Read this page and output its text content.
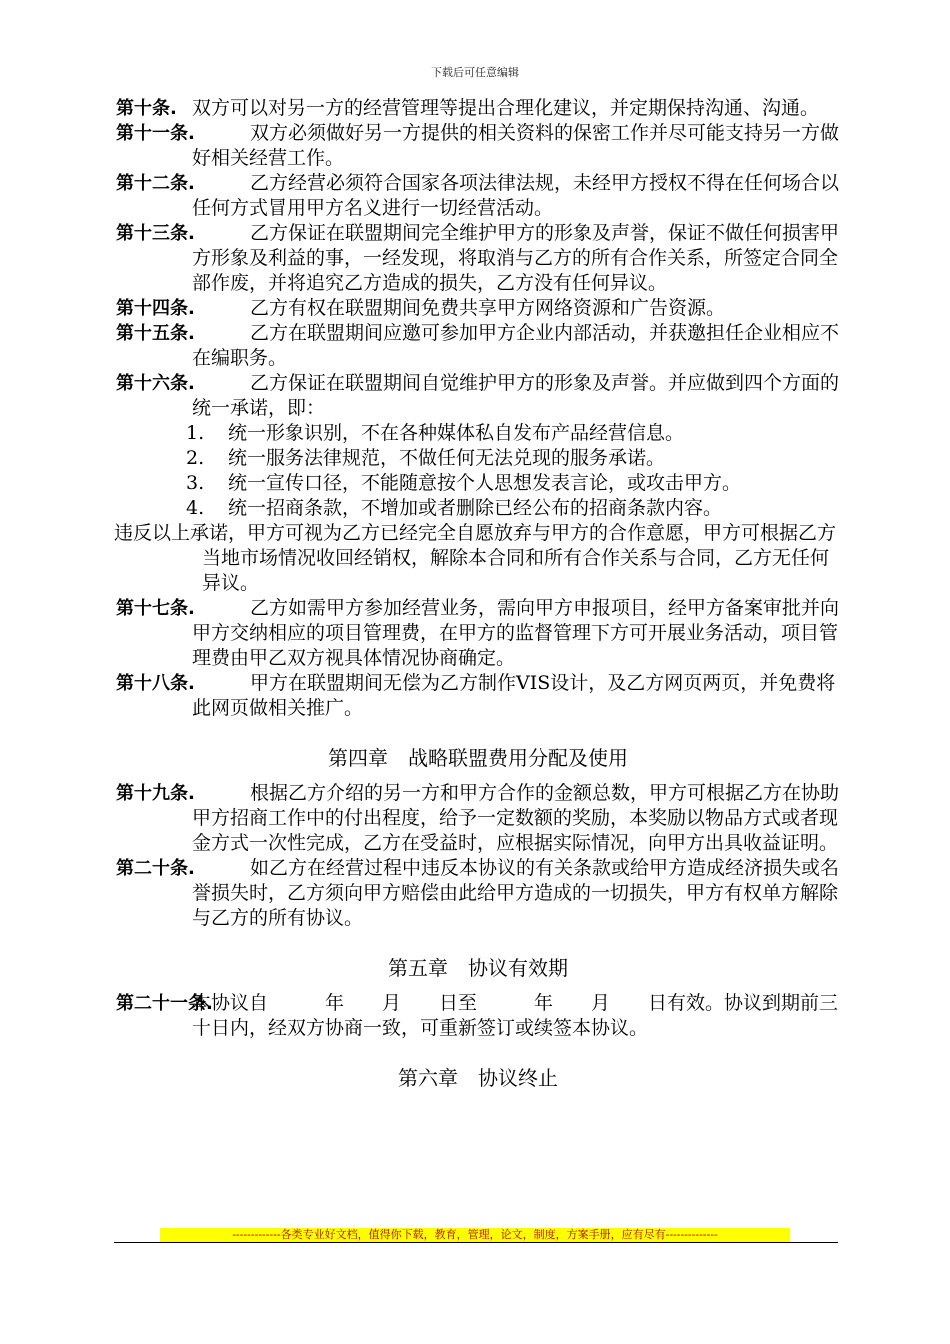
下载后可任意编辑
第十条. 双方可以对另一方的经营管理等提出合理化建议，并定期保持沟通、沟通。
第十一条.	双方必须做好另一方提供的相关资料的保密工作并尽可能支持另一方做好相关经营工作。
第十二条.	乙方经营必须符合国家各项法律法规，未经甲方授权不得在任何场合以任何方式冒用甲方名义进行一切经营活动。
第十三条.	乙方保证在联盟期间完全维护甲方的形象及声誉，保证不做任何损害甲方形象及利益的事，一经发现，将取消与乙方的所有合作关系，所签定合同全部作废，并将追究乙方造成的损失，乙方没有任何异议。
第十四条.	乙方有权在联盟期间免费共享甲方网络资源和广告资源。
第十五条.	乙方在联盟期间应邀可参加甲方企业内部活动，并获邀担任企业相应不在编职务。
第十六条.	乙方保证在联盟期间自觉维护甲方的形象及声誉。并应做到四个方面的统一承诺，即：
1. 统一形象识别，不在各种媒体私自发布产品经营信息。
2. 统一服务法律规范，不做任何无法兑现的服务承诺。
3. 统一宣传口径，不能随意按个人思想发表言论，或攻击甲方。
4. 统一招商条款，不增加或者删除已经公布的招商条款内容。
违反以上承诺，甲方可视为乙方已经完全自愿放弃与甲方的合作意愿，甲方可根据乙方当地市场情况收回经销权，解除本合同和所有合作关系与合同，乙方无任何异议。
第十七条.	乙方如需甲方参加经营业务，需向甲方申报项目，经甲方备案审批并向甲方交纳相应的项目管理费，在甲方的监督管理下方可开展业务活动，项目管理费由甲乙双方视具体情况协商确定。
第十八条.	甲方在联盟期间无偿为乙方制作VIS设计，及乙方网页两页，并免费将此网页做相关推广。

第四章　战略联盟费用分配及使用

第十九条.	根据乙方介绍的另一方和甲方合作的金额总数，甲方可根据乙方在协助甲方招商工作中的付出程度，给予一定数额的奖励，本奖励以物品方式或者现金方式一次性完成，乙方在受益时，应根据实际情况，向甲方出具收益证明。
第二十条.	如乙方在经营过程中违反本协议的有关条款或给甲方造成经济损失或名誉损失时，乙方须向甲方赔偿由此给甲方造成的一切损失，甲方有权单方解除与乙方的所有协议。

第五章　协议有效期

第二十一条.
本协议自　　　年　　月　　日至　　　年　　月　　日有效。协议到期前三十日内，经双方协商一致，可重新签订或续签本协议。

第六章　协议终止

-------------各类专业好文档，值得你下载，教育，管理，论文，制度，方案手册，应有尽有--------------
